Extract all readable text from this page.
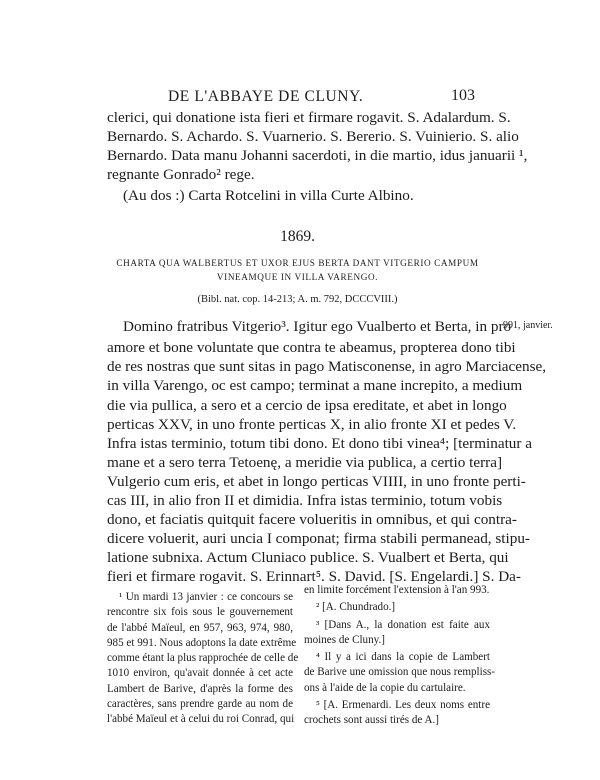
DE L'ABBAYE DE CLUNY.	103
clerici, qui donatione ista fieri et firmare rogavit. S. Adalardum. S.
Bernardo. S. Achardo. S. Vuarnerio. S. Bererio. S. Vuinierio. S. alio
Bernardo. Data manu Johanni sacerdoti, in die martio, idus januarii ¹,
regnante Gonrado² rege.
(Au dos :) Carta Rotcelini in villa Curte Albino.
1869.
CHARTA QUA WALBERTUS ET UXOR EJUS BERTA DANT VITGERIO CAMPUM
VINEAMQUE IN VILLA VARENGO.
(Bibl. nat. cop. 14-213; A. m. 792, DCCCVIII.)
991, janvier.
Domino fratribus Vitgerio³. Igitur ego Vualberto et Berta, in pro
amore et bone voluntate que contra te abeamus, propterea dono tibi
de res nostras que sunt sitas in pago Matisconense, in agro Marciacense,
in villa Varengo, oc est campo; terminat a mane increpito, a medium
die via pullica, a sero et a cercio de ipsa ereditate, et abet in longo
perticas XXV, in uno fronte perticas X, in alio fronte XI et pedes V.
Infra istas terminio, totum tibi dono. Et dono tibi vinea⁴; [terminatur a
mane et a sero terra Tetoenę, a meridie via publica, a certio terra]
Vulgerio cum eris, et abet in longo perticas VIIII, in uno fronte perti-
cas III, in alio fron II et dimidia. Infra istas terminio, totum vobis
dono, et faciatis quitquit facere volueritis in omnibus, et qui contra-
dicere voluerit, auri uncia I componat; firma stabili permanead, stipu-
latione subnixa. Actum Cluniaco publice. S. Vualbert et Berta, qui
fieri et firmare rogavit. S. Erinnart⁵. S. David. [S. Engelardi.] S. Da-
¹ Un mardi 13 janvier : ce concours se
rencontre six fois sous le gouvernement
de l'abbé Maïeul, en 957, 963, 974, 980,
985 et 991. Nous adoptons la date extrême
comme étant la plus rapprochée de celle de
1010 environ, qu'avait donnée à cet acte
Lambert de Barive, d'après la forme des
caractères, sans prendre garde au nom de
l'abbé Maïeul et à celui du roi Conrad, qui
en limite forcément l'extension à l'an 993.
² [A. Chundrado.]
³ [Dans A., la donation est faite aux
moines de Cluny.]
⁴ Il y a ici dans la copie de Lambert
de Barive une omission que nous rempliss-
ons à l'aide de la copie du cartulaire.
⁵ [A. Ermenardi. Les deux noms entre
crochets sont aussi tirés de A.]
